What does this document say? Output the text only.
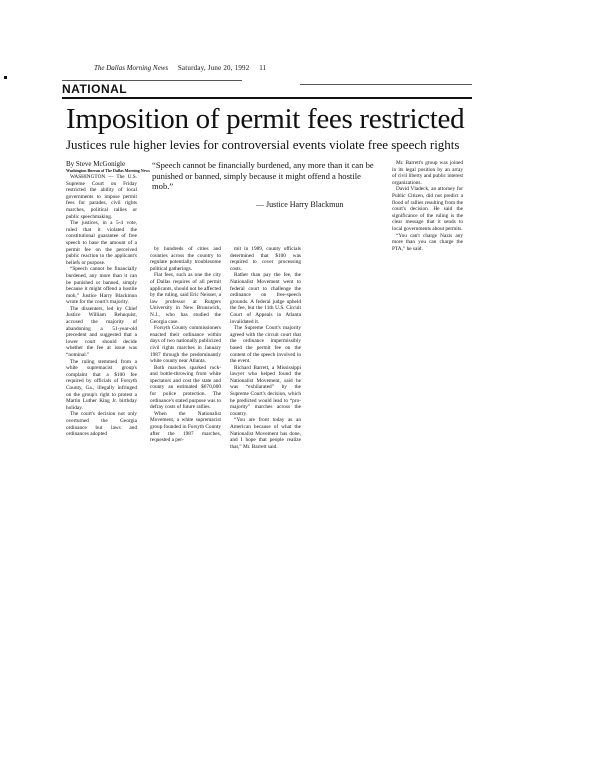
The Dallas Morning News Saturday, June 20, 1992 11
NATIONAL
Imposition of permit fees restricted
Justices rule higher levies for controversial events violate free speech rights
By Steve McGonigle
Washington Bureau of The Dallas Morning News
“Speech cannot be financially burdened, any more than it can be punished or banned, simply because it might offend a hostile mob.”
— Justice Harry Blackmun

WASHINGTON — The U.S. Supreme Court on Friday restricted the ability of local governments to impose permit fees for parades, civil rights marches, political rallies or public speechmaking.

The justices, in a 5-4 vote, ruled that it violated the constitutional guarantee of free speech to base the amount of a permit fee on the perceived public reaction to the applicant's beliefs or purpose.

“Speech cannot be financially burdened, any more than it can be punished or banned, simply because it might offend a hostile mob,” Justice Harry Blackmun wrote for the court's majority.

The dissenters, led by Chief Justice William Rehnquist, accused the majority of abandoning a 51-year-old precedent and suggested that a lower court should decide whether the fee at issue was “nominal.”

The ruling stemmed from a white supremacist group's complaint that a $100 fee required by officials of Forsyth County, Ga., illegally infringed on the group's right to protest a Martin Luther King Jr. birthday holiday.

The court's decision not only overturned the Georgia ordinance but laws and ordinances adopted

by hundreds of cities and counties across the country to regulate potentially troublesome political gatherings.

Flat fees, such as one the city of Dallas requires of all permit applicants, should not be affected by the ruling, said Eric Neisser, a law professor at Rutgers University in New Brunswick, N.J., who has studied the Georgia case.

Forsyth County commissioners enacted their ordinance within days of two nationally publicized civil rights marches in January 1987 through the predominantly white county near Atlanta.

Both marches sparked rock- and bottle-throwing from white spectators and cost the state and county an estimated $670,000 for police protection. The ordinance's stated purpose was to defray costs of future rallies.

When the Nationalist Movement, a white supremacist group founded in Forsyth County after the 1987 marches, requested a per-

mit in 1989, county officials determined that $100 was required to cover processing costs.

Rather than pay the fee, the Nationalist Movement went to federal court to challenge the ordinance on free-speech grounds. A federal judge upheld the fee, but the 11th U.S. Circuit Court of Appeals in Atlanta invalidated it.

The Supreme Court's majority agreed with the circuit court that the ordinance impermissibly based the permit fee on the content of the speech involved in the event.

Richard Barrett, a Mississippi lawyer who helped found the Nationalist Movement, said he was “exhilarated” by the Supreme Court's decision, which he predicted would lead to “pro-majority” marches across the country.

“You are front today as an American because of what the Nationalist Movement has done, and I hope that people realize that,” Mr. Barrett said.

Mr. Barrett's group was joined in its legal position by an array of civil liberty and public interest organizations.

David Vladeck, an attorney for Public Citizen, did not predict a flood of rallies resulting from the court's decision. He said the significance of the ruling is the clear message that it sends to local governments about permits.

“You can't charge Nazis any more than you can charge the PTA,” he said.
